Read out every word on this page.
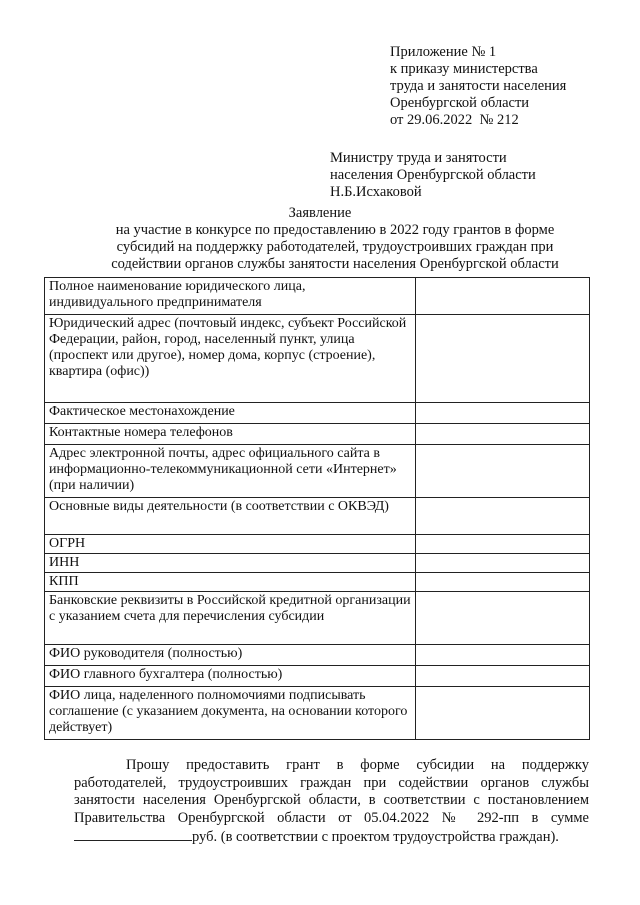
Приложение № 1
к приказу министерства
труда и занятости населения
Оренбургской области
от 29.06.2022  № 212
Министру труда и занятости
населения Оренбургской области
Н.Б.Исхаковой
Заявление
на участие в конкурсе по предоставлению в 2022 году грантов в форме
субсидий на поддержку работодателей, трудоустроивших граждан при
содействии органов службы занятости населения Оренбургской области
Полное наименование юридического лица, индивидуального предпринимателя	
Юридический адрес (почтовый индекс, субъект Российской Федерации, район, город, населенный пункт, улица (проспект или другое), номер дома, корпус (строение), квартира (офис))	
Фактическое местонахождение	
Контактные номера телефонов	
Адрес электронной почты, адрес официального сайта в информационно-телекоммуникационной сети «Интернет» (при наличии)	
Основные виды деятельности (в соответствии с ОКВЭД)	
ОГРН	
ИНН	
КПП	
Банковские реквизиты в Российской кредитной организации с указанием счета для перечисления субсидии	
ФИО руководителя (полностью)	
ФИО главного бухгалтера (полностью)	
ФИО лица, наделенного полномочиями подписывать соглашение (с указанием документа, на основании которого действует)	
Прошу предоставить грант в форме субсидии на поддержку работодателей, трудоустроивших граждан при содействии органов службы занятости населения Оренбургской области, в соответствии с постановлением Правительства Оренбургской области от 05.04.2022 № 292-пп в сумме руб. (в соответствии с проектом трудоустройства граждан).
